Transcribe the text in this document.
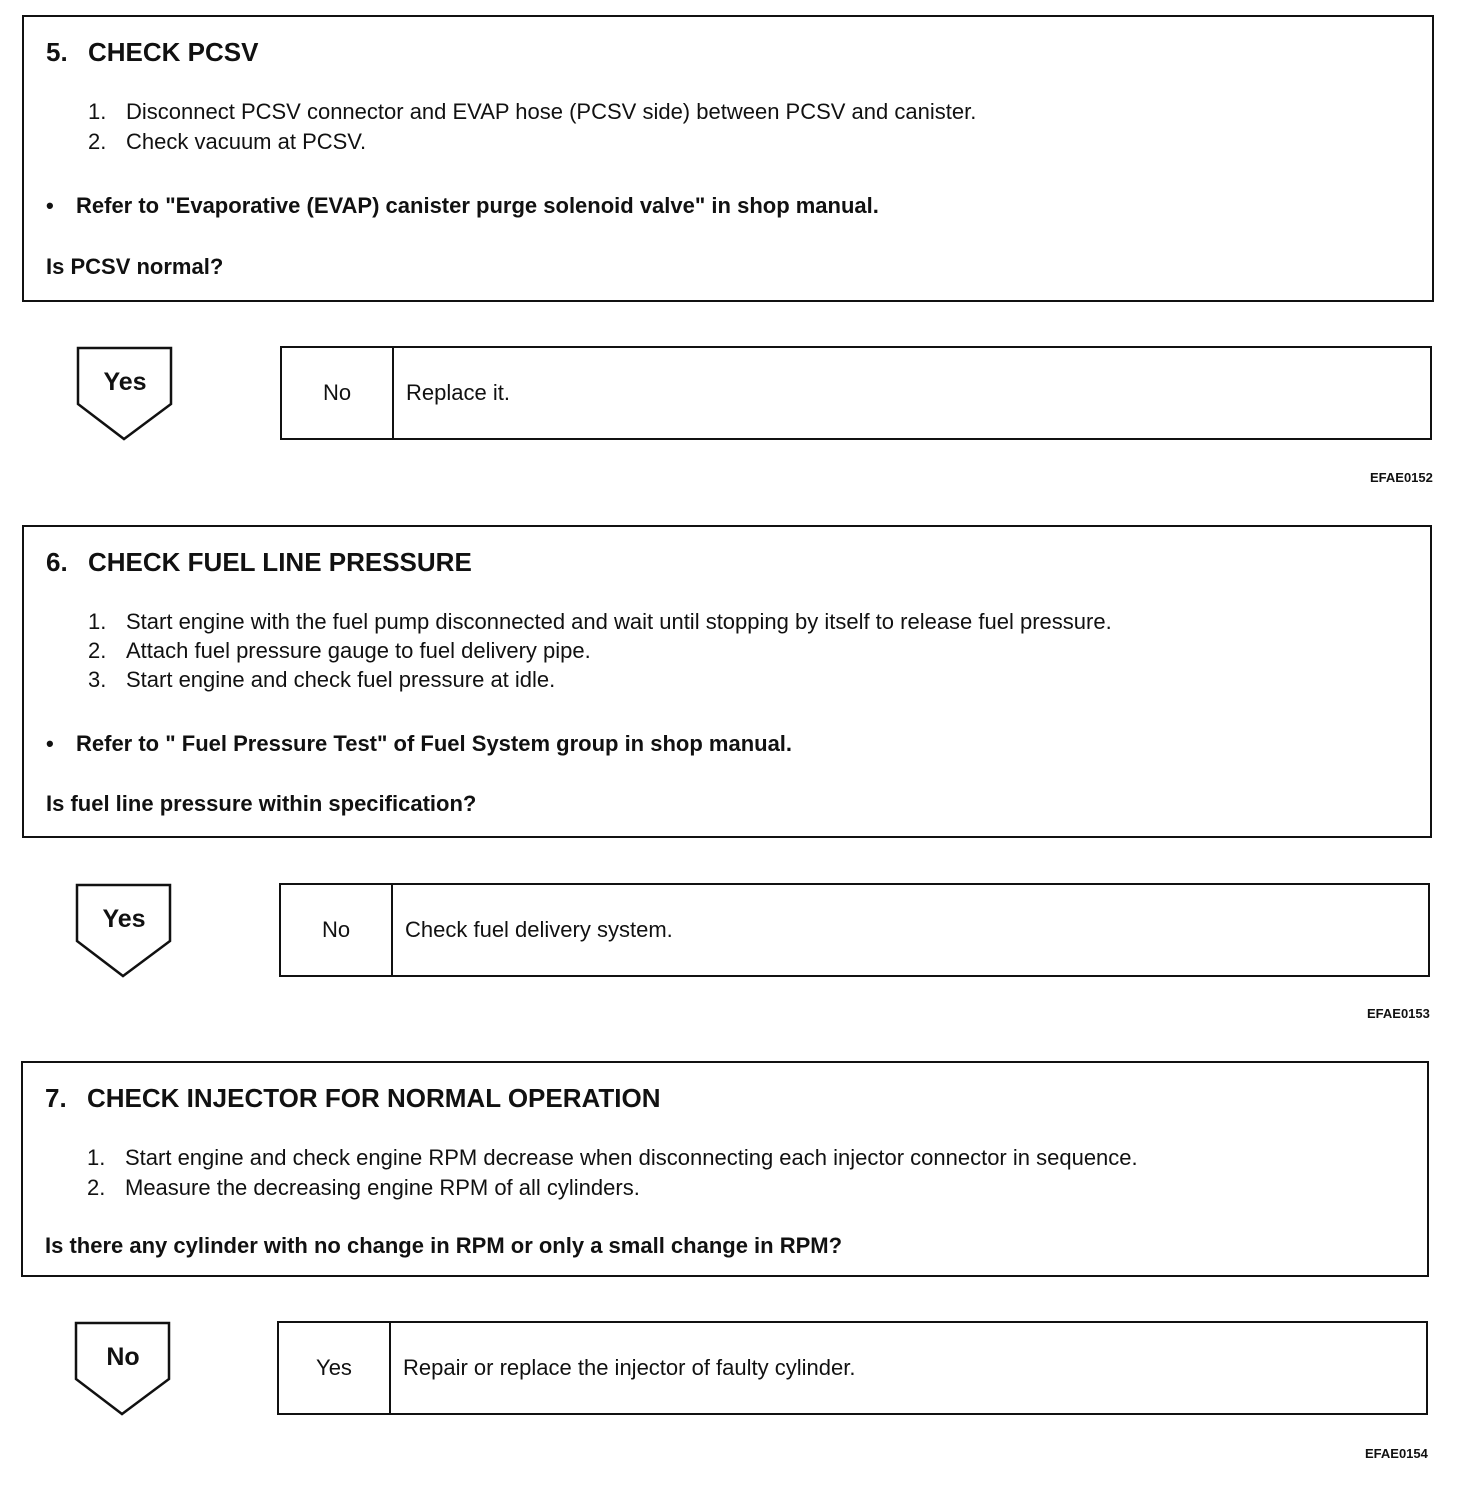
5. CHECK PCSV
1. Disconnect PCSV connector and EVAP hose (PCSV side) between PCSV and canister.
2. Check vacuum at PCSV.
• Refer to "Evaporative (EVAP) canister purge solenoid valve" in shop manual.
Is PCSV normal?
Yes	No	Replace it.
EFAE0152
6. CHECK FUEL LINE PRESSURE
1. Start engine with the fuel pump disconnected and wait until stopping by itself to release fuel pressure.
2. Attach fuel pressure gauge to fuel delivery pipe.
3. Start engine and check fuel pressure at idle.
• Refer to " Fuel Pressure Test" of Fuel System group in shop manual.
Is fuel line pressure within specification?
Yes	No	Check fuel delivery system.
EFAE0153
7. CHECK INJECTOR FOR NORMAL OPERATION
1. Start engine and check engine RPM decrease when disconnecting each injector connector in sequence.
2. Measure the decreasing engine RPM of all cylinders.
Is there any cylinder with no change in RPM or only a small change in RPM?
No	Yes	Repair or replace the injector of faulty cylinder.
EFAE0154
